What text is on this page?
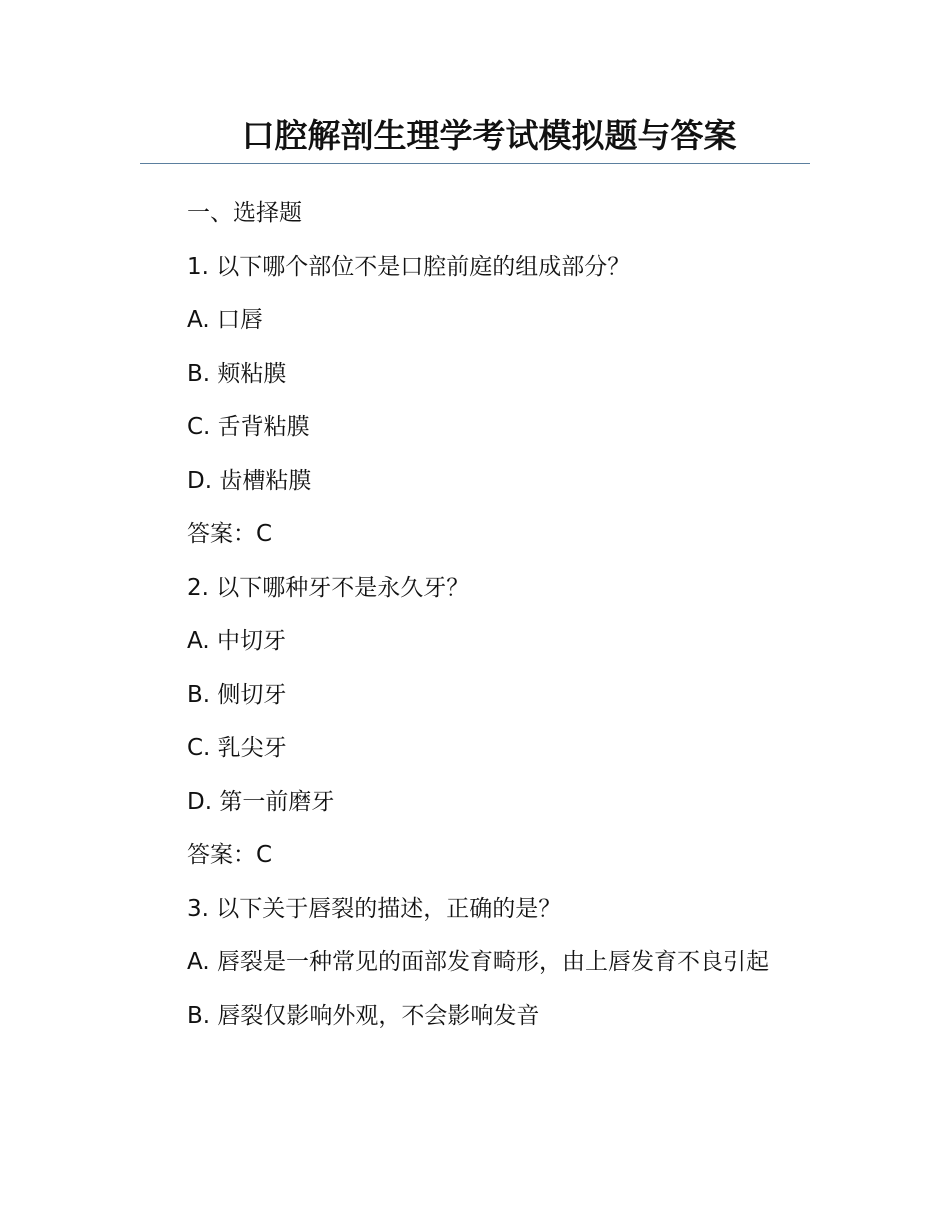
口腔解剖生理学考试模拟题与答案
一、选择题
1. 以下哪个部位不是口腔前庭的组成部分？
A. 口唇
B. 颊粘膜
C. 舌背粘膜
D. 齿槽粘膜
答案：C
2. 以下哪种牙不是永久牙？
A. 中切牙
B. 侧切牙
C. 乳尖牙
D. 第一前磨牙
答案：C
3. 以下关于唇裂的描述，正确的是？
A. 唇裂是一种常见的面部发育畸形，由上唇发育不良引起
B. 唇裂仅影响外观，不会影响发音
